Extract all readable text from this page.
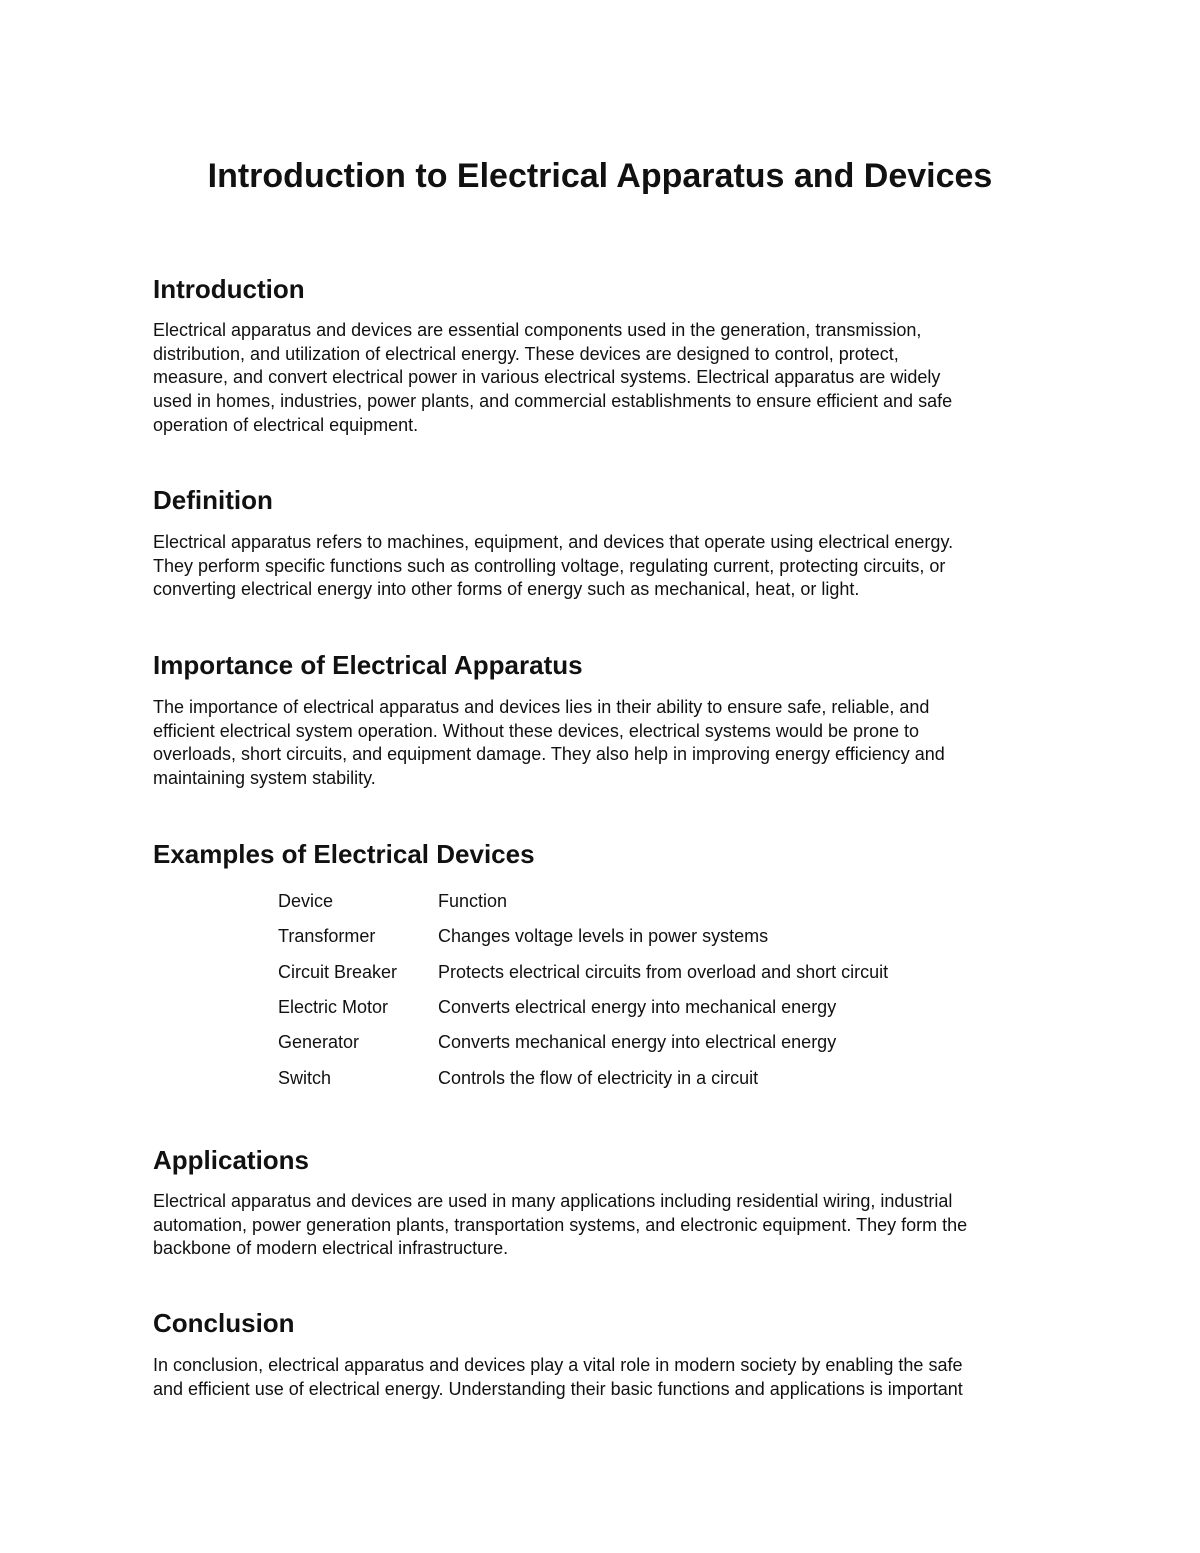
Introduction to Electrical Apparatus and Devices
Introduction

Electrical apparatus and devices are essential components used in the generation, transmission,
distribution, and utilization of electrical energy. These devices are designed to control, protect,
measure, and convert electrical power in various electrical systems. Electrical apparatus are widely
used in homes, industries, power plants, and commercial establishments to ensure efficient and safe
operation of electrical equipment.

Definition

Electrical apparatus refers to machines, equipment, and devices that operate using electrical energy.
They perform specific functions such as controlling voltage, regulating current, protecting circuits, or
converting electrical energy into other forms of energy such as mechanical, heat, or light.

Importance of Electrical Apparatus

The importance of electrical apparatus and devices lies in their ability to ensure safe, reliable, and
efficient electrical system operation. Without these devices, electrical systems would be prone to
overloads, short circuits, and equipment damage. They also help in improving energy efficiency and
maintaining system stability.

Examples of Electrical Devices
Device	Function
Transformer	Changes voltage levels in power systems
Circuit Breaker	Protects electrical circuits from overload and short circuit
Electric Motor	Converts electrical energy into mechanical energy
Generator	Converts mechanical energy into electrical energy
Switch	Controls the flow of electricity in a circuit
Applications

Electrical apparatus and devices are used in many applications including residential wiring, industrial
automation, power generation plants, transportation systems, and electronic equipment. They form the
backbone of modern electrical infrastructure.

Conclusion

In conclusion, electrical apparatus and devices play a vital role in modern society by enabling the safe
and efficient use of electrical energy. Understanding their basic functions and applications is important
